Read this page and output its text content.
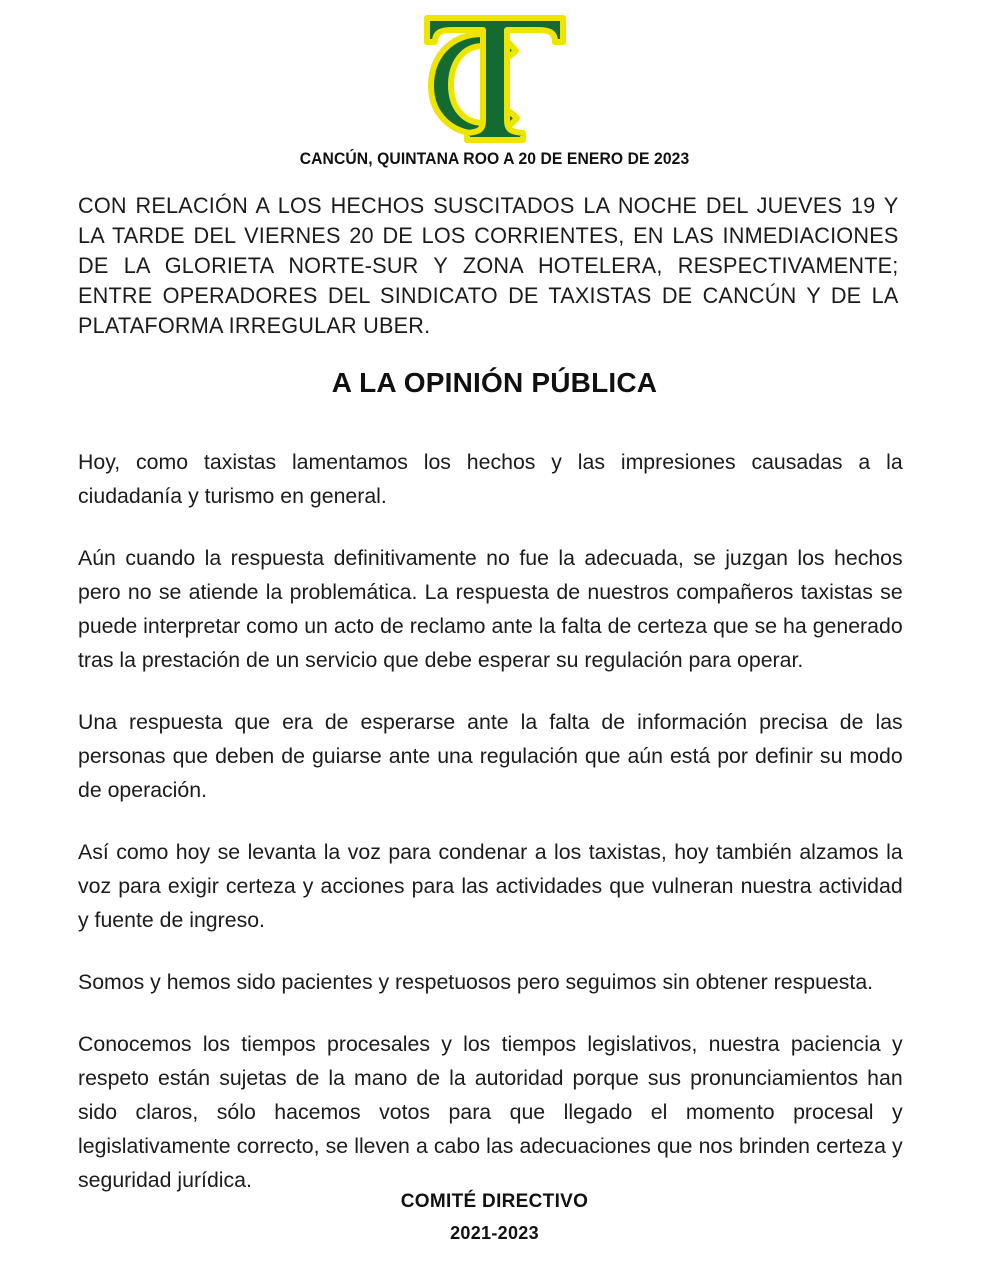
CANCÚN, QUINTANA ROO A 20 DE ENERO DE 2023
CON RELACIÓN A LOS HECHOS SUSCITADOS LA NOCHE DEL JUEVES 19 Y LA TARDE DEL VIERNES 20 DE LOS CORRIENTES, EN LAS INMEDIACIONES DE LA GLORIETA NORTE-SUR Y ZONA HOTELERA, RESPECTIVAMENTE; ENTRE OPERADORES DEL SINDICATO DE TAXISTAS DE CANCÚN Y DE LA PLATAFORMA IRREGULAR UBER.
A LA OPINIÓN PÚBLICA

Hoy, como taxistas lamentamos los hechos y las impresiones causadas a la ciudadanía y turismo en general.

Aún cuando la respuesta definitivamente no fue la adecuada, se juzgan los hechos pero no se atiende la problemática. La respuesta de nuestros compañeros taxistas se puede interpretar como un acto de reclamo ante la falta de certeza que se ha generado tras la prestación de un servicio que debe esperar su regulación para operar.

Una respuesta que era de esperarse ante la falta de información precisa de las personas que deben de guiarse ante una regulación que aún está por definir su modo de operación.

Así como hoy se levanta la voz para condenar a los taxistas, hoy también alzamos la voz para exigir certeza y acciones para las actividades que vulneran nuestra actividad y fuente de ingreso.

Somos y hemos sido pacientes y respetuosos pero seguimos sin obtener respuesta.

Conocemos los tiempos procesales y los tiempos legislativos, nuestra paciencia y respeto están sujetas de la mano de la autoridad porque sus pronunciamientos han sido claros, sólo hacemos votos para que llegado el momento procesal y legislativamente correcto, se lleven a cabo las adecuaciones que nos brinden certeza y seguridad jurídica.

COMITÉ DIRECTIVO
2021-2023
